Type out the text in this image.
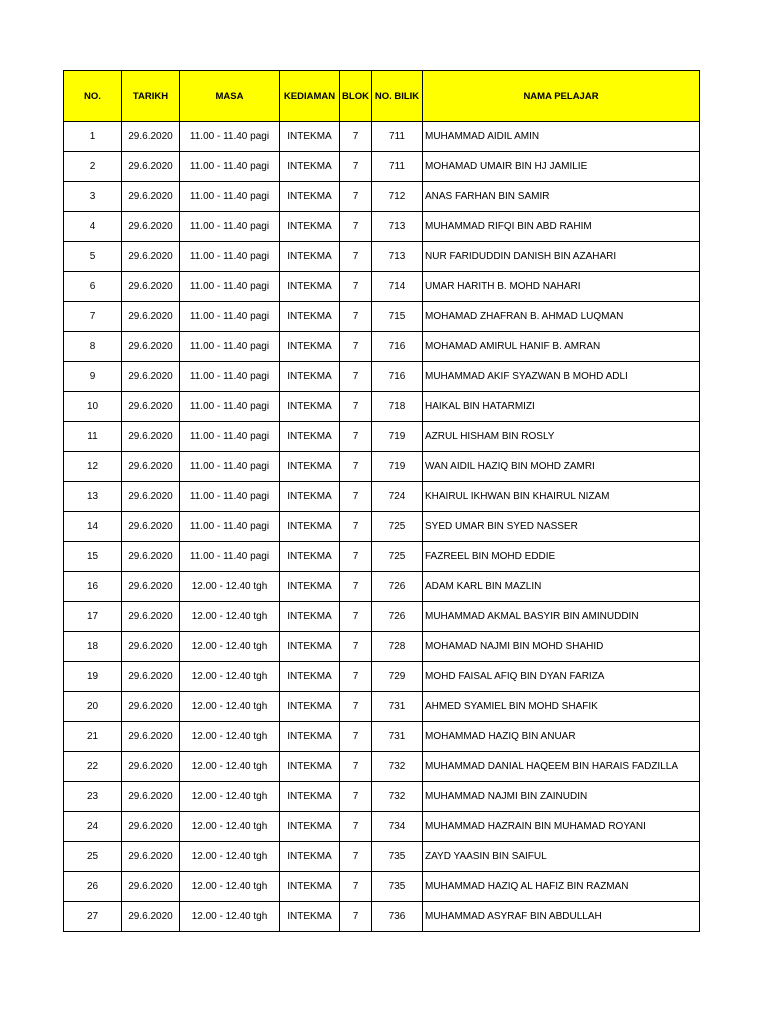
NO.	TARIKH	MASA	KEDIAMAN	BLOK	NO. BILIK	NAMA PELAJAR
1	29.6.2020	11.00 - 11.40 pagi	INTEKMA	7	711	MUHAMMAD AIDIL AMIN
2	29.6.2020	11.00 - 11.40 pagi	INTEKMA	7	711	MOHAMAD UMAIR BIN HJ JAMILIE
3	29.6.2020	11.00 - 11.40 pagi	INTEKMA	7	712	ANAS FARHAN BIN SAMIR
4	29.6.2020	11.00 - 11.40 pagi	INTEKMA	7	713	MUHAMMAD RIFQI BIN ABD RAHIM
5	29.6.2020	11.00 - 11.40 pagi	INTEKMA	7	713	NUR FARIDUDDIN DANISH BIN AZAHARI
6	29.6.2020	11.00 - 11.40 pagi	INTEKMA	7	714	UMAR HARITH B. MOHD NAHARI
7	29.6.2020	11.00 - 11.40 pagi	INTEKMA	7	715	MOHAMAD ZHAFRAN B. AHMAD LUQMAN
8	29.6.2020	11.00 - 11.40 pagi	INTEKMA	7	716	MOHAMAD AMIRUL HANIF B. AMRAN
9	29.6.2020	11.00 - 11.40 pagi	INTEKMA	7	716	MUHAMMAD AKIF SYAZWAN B MOHD ADLI
10	29.6.2020	11.00 - 11.40 pagi	INTEKMA	7	718	HAIKAL BIN HATARMIZI
11	29.6.2020	11.00 - 11.40 pagi	INTEKMA	7	719	AZRUL HISHAM BIN ROSLY
12	29.6.2020	11.00 - 11.40 pagi	INTEKMA	7	719	WAN AIDIL HAZIQ BIN MOHD ZAMRI
13	29.6.2020	11.00 - 11.40 pagi	INTEKMA	7	724	KHAIRUL IKHWAN BIN KHAIRUL NIZAM
14	29.6.2020	11.00 - 11.40 pagi	INTEKMA	7	725	SYED UMAR BIN SYED NASSER
15	29.6.2020	11.00 - 11.40 pagi	INTEKMA	7	725	FAZREEL BIN MOHD EDDIE
16	29.6.2020	12.00 - 12.40 tgh	INTEKMA	7	726	ADAM KARL BIN MAZLIN
17	29.6.2020	12.00 - 12.40 tgh	INTEKMA	7	726	MUHAMMAD AKMAL BASYIR BIN AMINUDDIN
18	29.6.2020	12.00 - 12.40 tgh	INTEKMA	7	728	MOHAMAD NAJMI BIN MOHD SHAHID
19	29.6.2020	12.00 - 12.40 tgh	INTEKMA	7	729	MOHD FAISAL AFIQ BIN DYAN FARIZA
20	29.6.2020	12.00 - 12.40 tgh	INTEKMA	7	731	AHMED SYAMIEL BIN MOHD SHAFIK
21	29.6.2020	12.00 - 12.40 tgh	INTEKMA	7	731	MOHAMMAD HAZIQ BIN ANUAR
22	29.6.2020	12.00 - 12.40 tgh	INTEKMA	7	732	MUHAMMAD DANIAL HAQEEM BIN HARAIS FADZILLA
23	29.6.2020	12.00 - 12.40 tgh	INTEKMA	7	732	MUHAMMAD NAJMI BIN ZAINUDIN
24	29.6.2020	12.00 - 12.40 tgh	INTEKMA	7	734	MUHAMMAD HAZRAIN BIN MUHAMAD ROYANI
25	29.6.2020	12.00 - 12.40 tgh	INTEKMA	7	735	ZAYD YAASIN BIN SAIFUL
26	29.6.2020	12.00 - 12.40 tgh	INTEKMA	7	735	MUHAMMAD HAZIQ AL HAFIZ BIN RAZMAN
27	29.6.2020	12.00 - 12.40 tgh	INTEKMA	7	736	MUHAMMAD ASYRAF BIN ABDULLAH
